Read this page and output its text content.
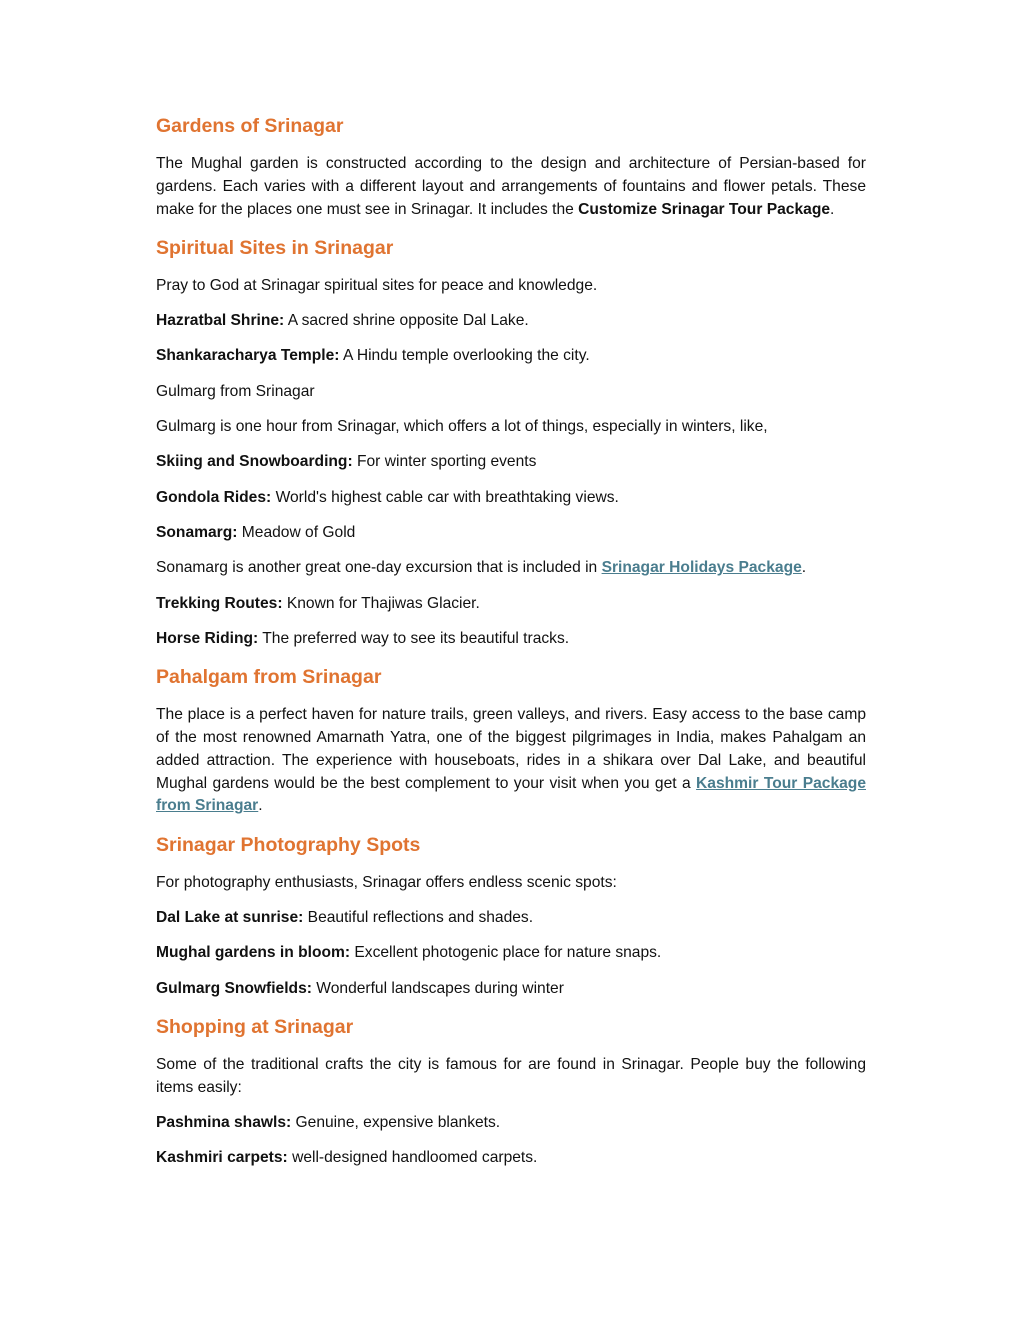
Gardens of Srinagar

The Mughal garden is constructed according to the design and architecture of Persian-based for gardens. Each varies with a different layout and arrangements of fountains and flower petals. These make for the places one must see in Srinagar. It includes the Customize Srinagar Tour Package.

Spiritual Sites in Srinagar

Pray to God at Srinagar spiritual sites for peace and knowledge.

Hazratbal Shrine: A sacred shrine opposite Dal Lake.

Shankaracharya Temple: A Hindu temple overlooking the city.

Gulmarg from Srinagar

Gulmarg is one hour from Srinagar, which offers a lot of things, especially in winters, like,

Skiing and Snowboarding: For winter sporting events

Gondola Rides: World's highest cable car with breathtaking views.

Sonamarg: Meadow of Gold

Sonamarg is another great one-day excursion that is included in Srinagar Holidays Package.

Trekking Routes: Known for Thajiwas Glacier.

Horse Riding: The preferred way to see its beautiful tracks.

Pahalgam from Srinagar

The place is a perfect haven for nature trails, green valleys, and rivers. Easy access to the base camp of the most renowned Amarnath Yatra, one of the biggest pilgrimages in India, makes Pahalgam an added attraction. The experience with houseboats, rides in a shikara over Dal Lake, and beautiful Mughal gardens would be the best complement to your visit when you get a Kashmir Tour Package from Srinagar.

Srinagar Photography Spots

For photography enthusiasts, Srinagar offers endless scenic spots:

Dal Lake at sunrise: Beautiful reflections and shades.

Mughal gardens in bloom: Excellent photogenic place for nature snaps.

Gulmarg Snowfields: Wonderful landscapes during winter

Shopping at Srinagar

Some of the traditional crafts the city is famous for are found in Srinagar. People buy the following items easily:

Pashmina shawls: Genuine, expensive blankets.

Kashmiri carpets: well-designed handloomed carpets.
